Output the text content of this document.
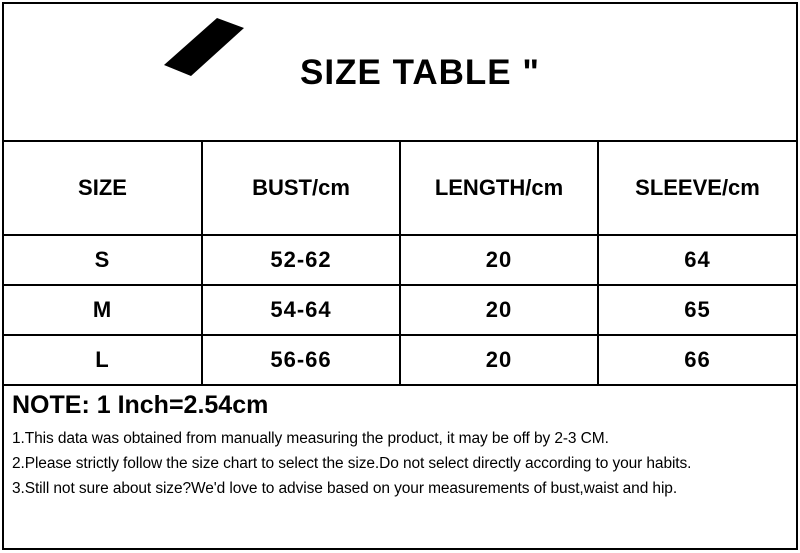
SIZE TABLE "
SIZE	BUST/cm	LENGTH/cm	SLEEVE/cm
S	52-62	20	64
M	54-64	20	65
L	56-66	20	66
NOTE: 1 Inch=2.54cm
1.This data was obtained from manually measuring the product, it may be off by 2-3 CM.
2.Please strictly follow the size chart to select the size.Do not select directly according to your habits.
3.Still not sure about size?We'd love to advise based on your measurements of bust,waist and hip.
